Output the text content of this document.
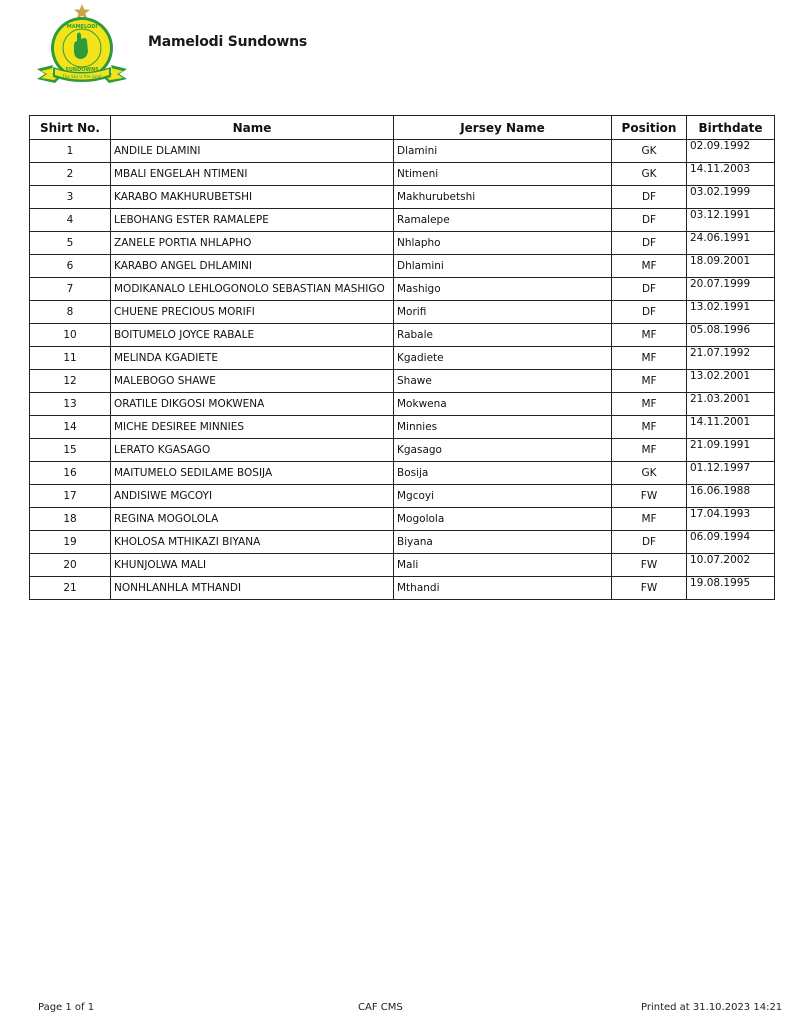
The Sky is the Limit
MAMELODI
SUNDOWNS
Mamelodi Sundowns
Shirt No.	Name	Jersey Name	Position	Birthdate
1	ANDILE DLAMINI	Dlamini	GK	02.09.1992
2	MBALI ENGELAH NTIMENI	Ntimeni	GK	14.11.2003
3	KARABO MAKHURUBETSHI	Makhurubetshi	DF	03.02.1999
4	LEBOHANG ESTER RAMALEPE	Ramalepe	DF	03.12.1991
5	ZANELE PORTIA NHLAPHO	Nhlapho	DF	24.06.1991
6	KARABO ANGEL DHLAMINI	Dhlamini	MF	18.09.2001
7	MODIKANALO LEHLOGONOLO SEBASTIAN MASHIGO	Mashigo	DF	20.07.1999
8	CHUENE PRECIOUS MORIFI	Morifi	DF	13.02.1991
10	BOITUMELO JOYCE RABALE	Rabale	MF	05.08.1996
11	MELINDA KGADIETE	Kgadiete	MF	21.07.1992
12	MALEBOGO SHAWE	Shawe	MF	13.02.2001
13	ORATILE DIKGOSI MOKWENA	Mokwena	MF	21.03.2001
14	MICHE DESIREE MINNIES	Minnies	MF	14.11.2001
15	LERATO KGASAGO	Kgasago	MF	21.09.1991
16	MAITUMELO SEDILAME BOSIJA	Bosija	GK	01.12.1997
17	ANDISIWE MGCOYI	Mgcoyi	FW	16.06.1988
18	REGINA MOGOLOLA	Mogolola	MF	17.04.1993
19	KHOLOSA MTHIKAZI BIYANA	Biyana	DF	06.09.1994
20	KHUNJOLWA MALI	Mali	FW	10.07.2002
21	NONHLANHLA MTHANDI	Mthandi	FW	19.08.1995
Page 1 of 1	CAF CMS	Printed at 31.10.2023 14:21
